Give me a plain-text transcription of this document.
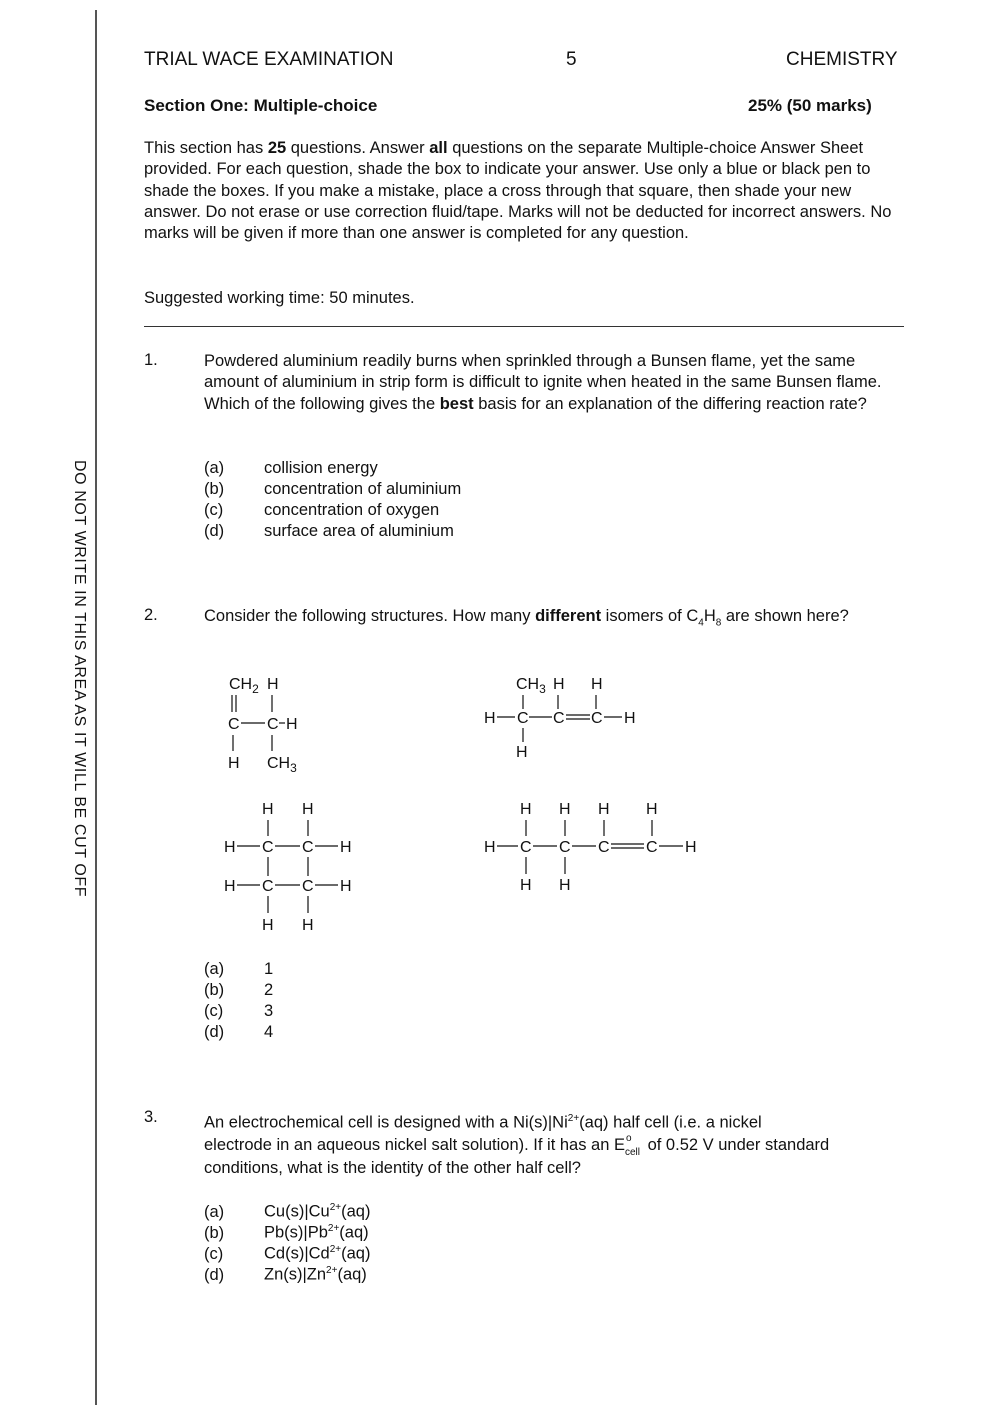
DO NOT WRITE IN THIS AREA AS IT WILL BE CUT OFF
TRIAL WACE EXAMINATION	5	CHEMISTRY
Section One: Multiple-choice	25% (50 marks)
This section has 25 questions. Answer all questions on the separate Multiple-choice Answer Sheet provided. For each question, shade the box to indicate your answer. Use only a blue or black pen to shade the boxes. If you make a mistake, place a cross through that square, then shade your new answer. Do not erase or use correction fluid/tape. Marks will not be deducted for incorrect answers. No marks will be given if more than one answer is completed for any question.
Suggested working time: 50 minutes.
1.	Powdered aluminium readily burns when sprinkled through a Bunsen flame, yet the same amount of aluminium in strip form is difficult to ignite when heated in the same Bunsen flame. Which of the following gives the best basis for an explanation of the differing reaction rate?
(a) collision energy
(b) concentration of aluminium
(c) concentration of oxygen
(d) surface area of aluminium
2.	Consider the following structures. How many different isomers of $C_4H_8$ are shown here?
$CH_2$ H
C C H
H $CH_3$
$CH_3$ H H
H C C C H
H
H H
H C C H
H C C H
H H
H H H H
H C C C C H
H H
(a) 1
(b) 2
(c) 3
(d) 4
3.	An electrochemical cell is designed with a $Ni(s)|Ni^{2+}(aq)$ half cell (i.e. a nickel
electrode in an aqueous nickel salt solution). If it has an E o
cell of 0.52 V under standard
conditions, what is the identity of the other half cell?
(a) $Cu(s)|Cu^{2+}(aq)$
(b) $Pb(s)|Pb^{2+}(aq)$
(c) $Cd(s)|Cd^{2+}(aq)$
(d) $Zn(s)|Zn^{2+}(aq)$
